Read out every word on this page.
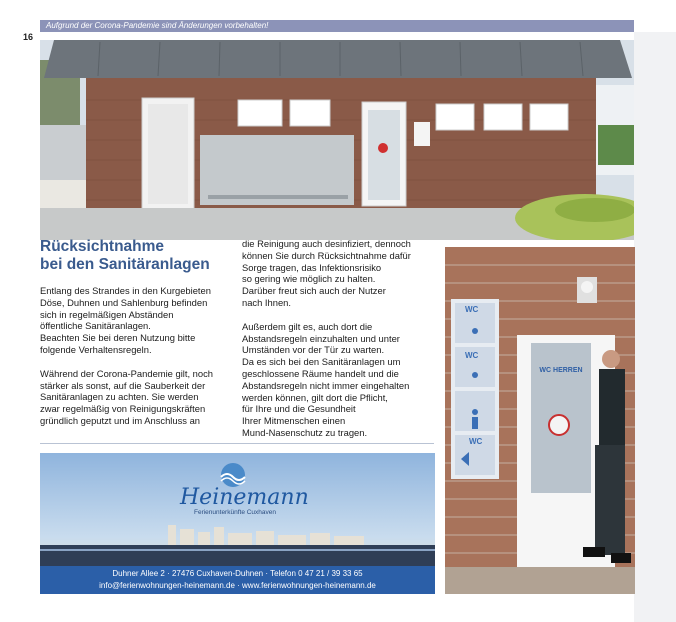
Aufgrund der Corona-Pandemie sind Änderungen vorbehalten!
16
Rücksichtnahme
bei den Sanitäranlagen

Entlang des Strandes in den Kurgebieten

Döse, Duhnen und Sahlenburg befinden

sich in regelmäßigen Abständen

öffentliche Sanitäranlagen.

Beachten Sie bei deren Nutzung bitte

folgende Verhaltensregeln.

Während der Corona-Pandemie gilt, noch

stärker als sonst, auf die Sauberkeit der

Sanitäranlagen zu achten. Sie werden

zwar regelmäßig von Reinigungskräften

gründlich geputzt und im Anschluss an

die Reinigung auch desinfiziert, dennoch

können Sie durch Rücksichtnahme dafür

Sorge tragen, das Infektionsrisiko

so gering wie möglich zu halten.

Darüber freut sich auch der Nutzer

nach Ihnen.

Außerdem gilt es, auch dort die

Abstandsregeln einzuhalten und unter

Umständen vor der Tür zu warten.

Da es sich bei den Sanitäranlagen um

geschlossene Räume handelt und die

Abstandsregeln nicht immer eingehalten

werden können, gilt dort die Pflicht,

für Ihre und die Gesundheit

Ihrer Mitmenschen einen

Mund-Nasenschutz zu tragen.

WC
WC
WC
WC HERREN
Heinemann
Ferienunterkünfte Cuxhaven
Duhner Allee 2 · 27476 Cuxhaven-Duhnen · Telefon 0 47 21 / 39 33 65
info@ferienwohnungen-heinemann.de · www.ferienwohnungen-heinemann.de
